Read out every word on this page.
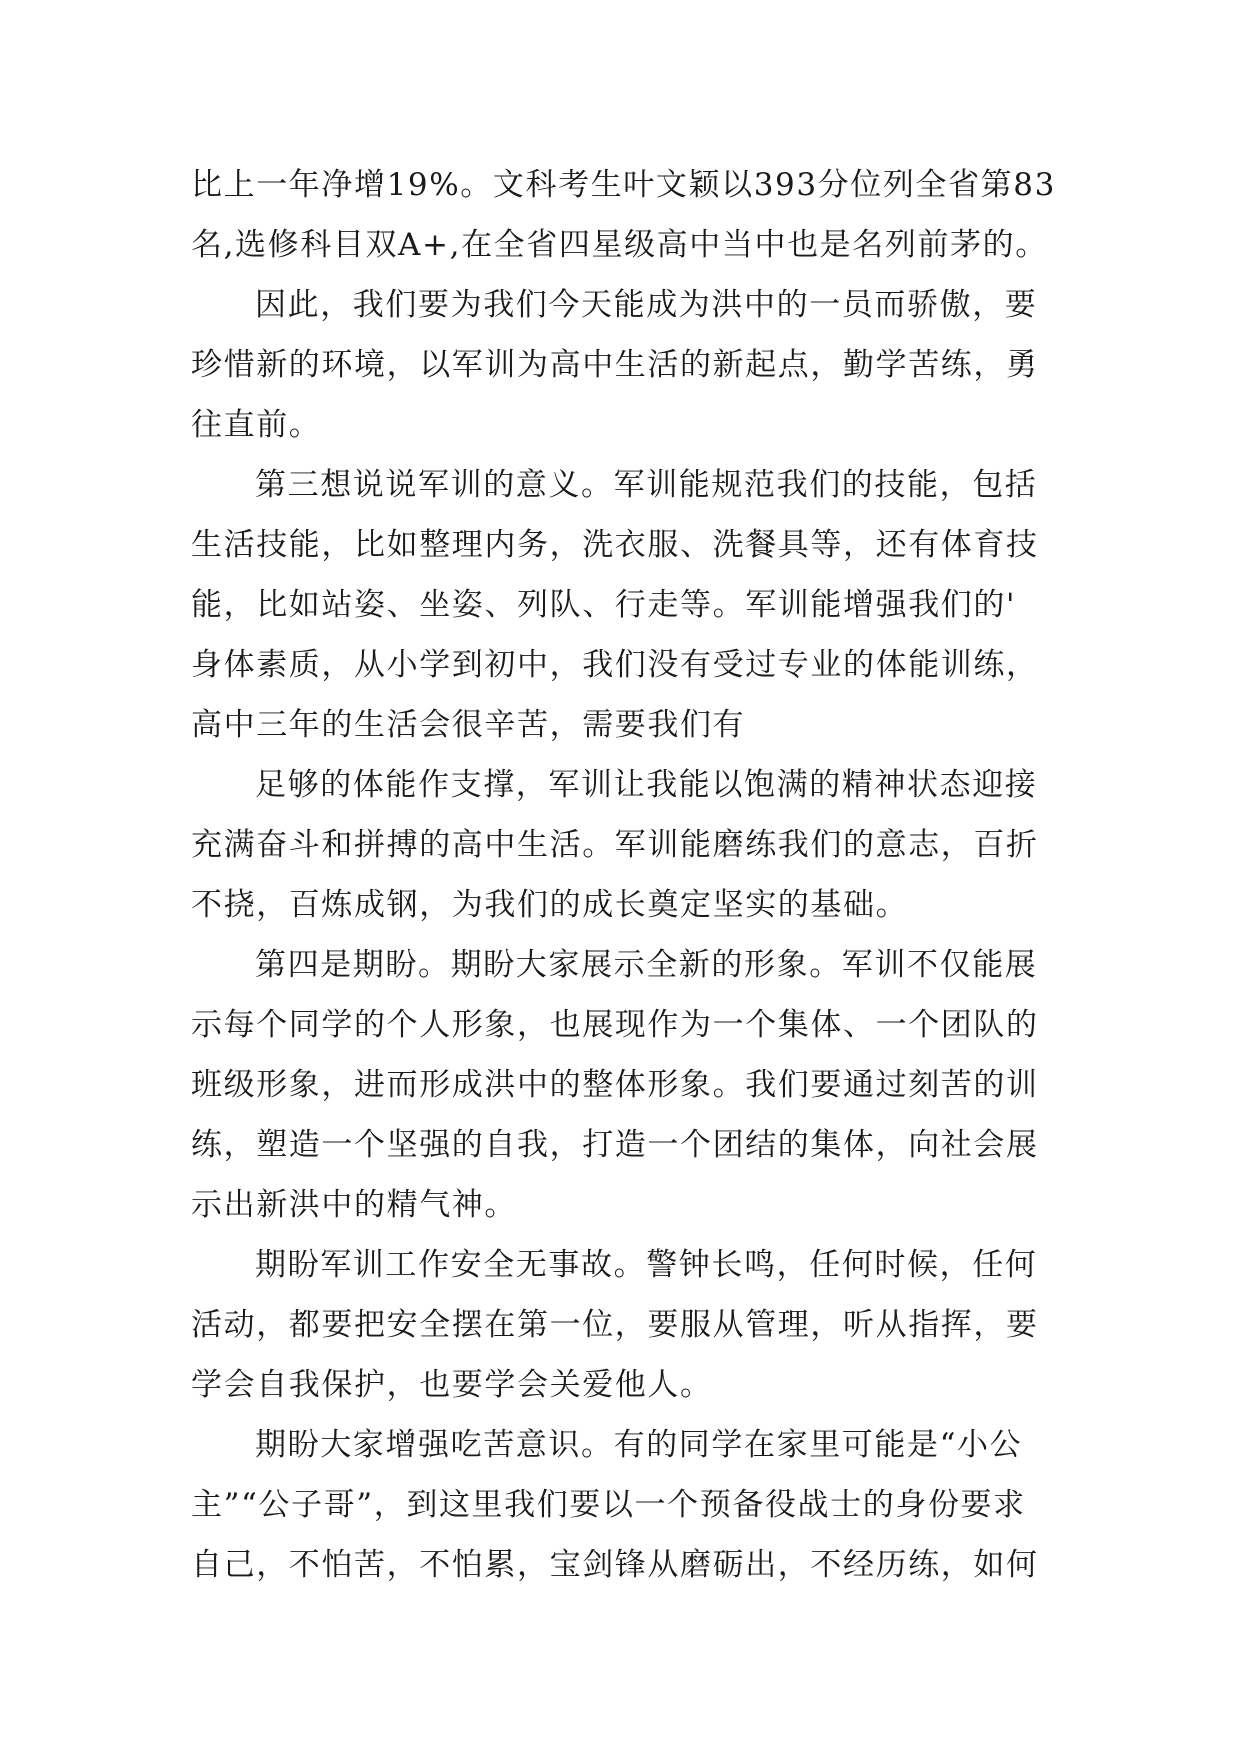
比上一年净增19%。文科考生叶文颖以393分位列全省第83
名,选修科目双A+,在全省四星级高中当中也是名列前茅的。
因此，我们要为我们今天能成为洪中的一员而骄傲，要
珍惜新的环境，以军训为高中生活的新起点，勤学苦练，勇
往直前。
第三想说说军训的意义。军训能规范我们的技能，包括
生活技能，比如整理内务，洗衣服、洗餐具等，还有体育技
能，比如站姿、坐姿、列队、行走等。军训能增强我们的'
身体素质，从小学到初中，我们没有受过专业的体能训练，
高中三年的生活会很辛苦，需要我们有
足够的体能作支撑，军训让我能以饱满的精神状态迎接
充满奋斗和拼搏的高中生活。军训能磨练我们的意志，百折
不挠，百炼成钢，为我们的成长奠定坚实的基础。
第四是期盼。期盼大家展示全新的形象。军训不仅能展
示每个同学的个人形象，也展现作为一个集体、一个团队的
班级形象，进而形成洪中的整体形象。我们要通过刻苦的训
练，塑造一个坚强的自我，打造一个团结的集体，向社会展
示出新洪中的精气神。
期盼军训工作安全无事故。警钟长鸣，任何时候，任何
活动，都要把安全摆在第一位，要服从管理，听从指挥，要
学会自我保护，也要学会关爱他人。
期盼大家增强吃苦意识。有的同学在家里可能是“小公
主”“公子哥”，到这里我们要以一个预备役战士的身份要求
自己，不怕苦，不怕累，宝剑锋从磨砺出，不经历练，如何
